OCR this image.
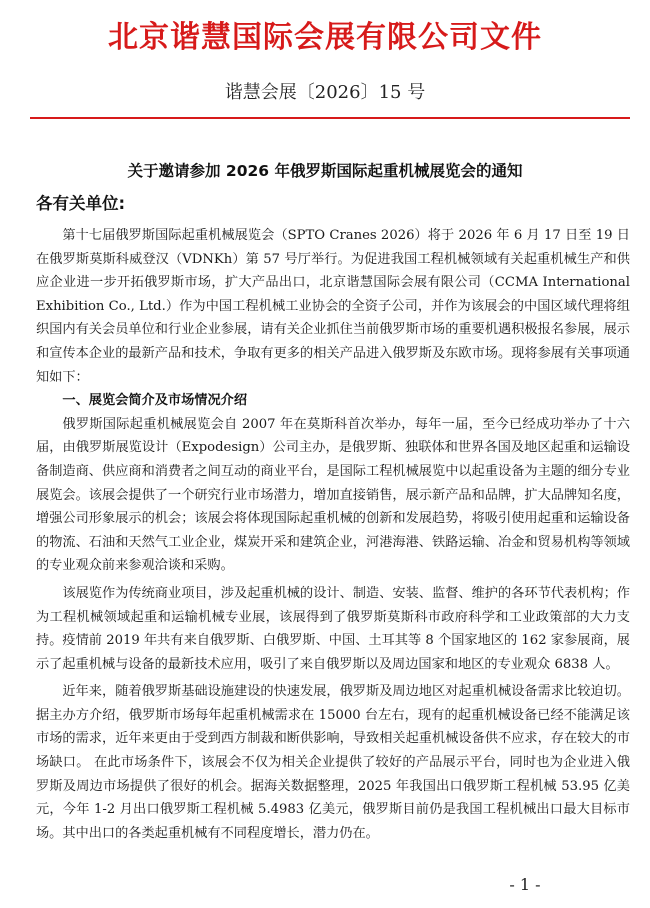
北京谐慧国际会展有限公司文件
谐慧会展〔2026〕15 号
关于邀请参加 2026 年俄罗斯国际起重机械展览会的通知
各有关单位:

第十七届俄罗斯国际起重机械展览会（SPTO Cranes 2026）将于 2026 年 6 月 17 日至 19 日在俄罗斯莫斯科威登汉（VDNKh）第 57 号厅举行。为促进我国工程机械领域有关起重机械生产和供应企业进一步开拓俄罗斯市场，扩大产品出口，北京谐慧国际会展有限公司（CCMA International Exhibition Co., Ltd.）作为中国工程机械工业协会的全资子公司，并作为该展会的中国区域代理将组织国内有关会员单位和行业企业参展，请有关企业抓住当前俄罗斯市场的重要机遇积极报名参展，展示和宣传本企业的最新产品和技术，争取有更多的相关产品进入俄罗斯及东欧市场。现将参展有关事项通知如下：

一、展览会简介及市场情况介绍

俄罗斯国际起重机械展览会自 2007 年在莫斯科首次举办，每年一届，至今已经成功举办了十六届，由俄罗斯展览设计（Expodesign）公司主办，是俄罗斯、独联体和世界各国及地区起重和运输设备制造商、供应商和消费者之间互动的商业平台，是国际工程机械展览中以起重设备为主题的细分专业展览会。该展会提供了一个研究行业市场潜力，增加直接销售，展示新产品和品牌，扩大品牌知名度，增强公司形象展示的机会；该展会将体现国际起重机械的创新和发展趋势，将吸引使用起重和运输设备的物流、石油和天然气工业企业，煤炭开采和建筑企业，河港海港、铁路运输、冶金和贸易机构等领域的专业观众前来参观洽谈和采购。

该展览作为传统商业项目，涉及起重机械的设计、制造、安装、监督、维护的各环节代表机构；作为工程机械领域起重和运输机械专业展，该展得到了俄罗斯莫斯科市政府科学和工业政策部的大力支持。疫情前 2019 年共有来自俄罗斯、白俄罗斯、中国、土耳其等 8 个国家地区的 162 家参展商，展示了起重机械与设备的最新技术应用，吸引了来自俄罗斯以及周边国家和地区的专业观众 6838 人。

近年来，随着俄罗斯基础设施建设的快速发展，俄罗斯及周边地区对起重机械设备需求比较迫切。据主办方介绍，俄罗斯市场每年起重机械需求在 15000 台左右，现有的起重机械设备已经不能满足该市场的需求，近年来更由于受到西方制裁和断供影响，导致相关起重机械设备供不应求，存在较大的市场缺口。 在此市场条件下，该展会不仅为相关企业提供了较好的产品展示平台，同时也为企业进入俄罗斯及周边市场提供了很好的机会。据海关数据整理，2025 年我国出口俄罗斯工程机械 53.95 亿美元，今年 1-2 月出口俄罗斯工程机械 5.4983 亿美元，俄罗斯目前仍是我国工程机械出口最大目标市场。其中出口的各类起重机械有不同程度增长，潜力仍在。

- 1 -
